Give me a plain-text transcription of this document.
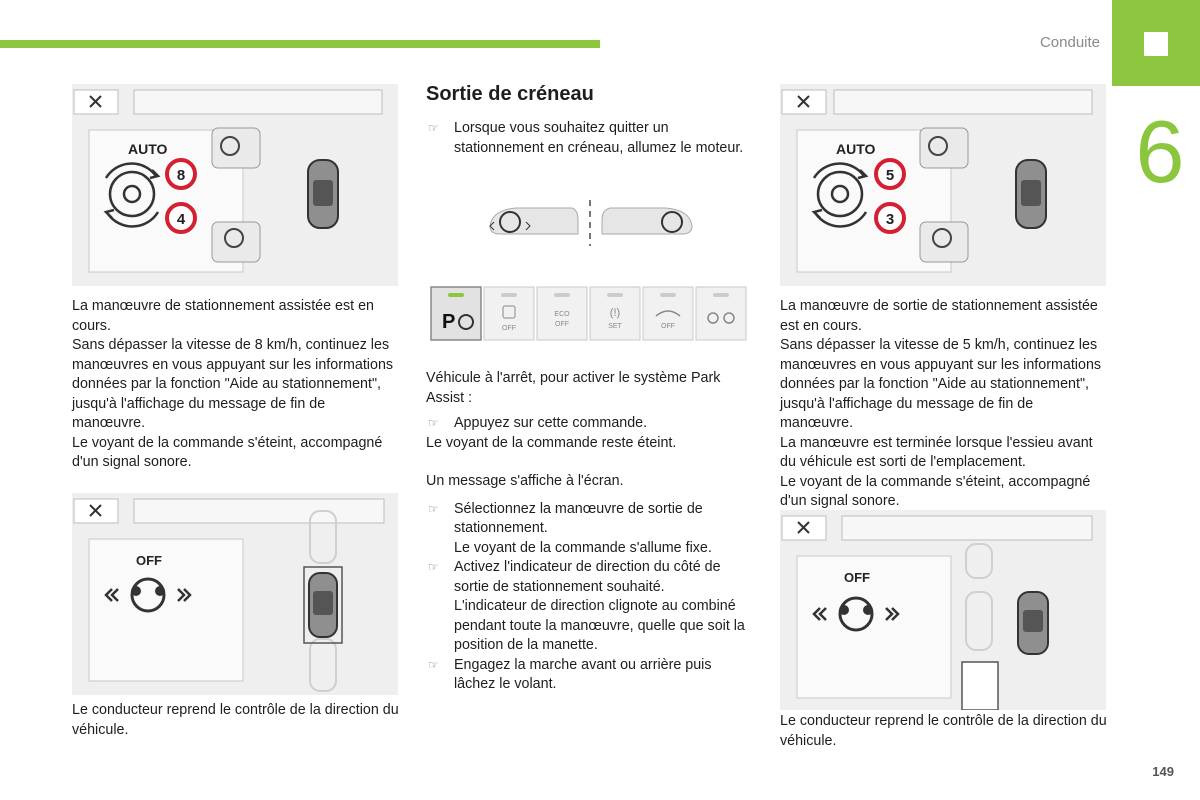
Conduite
6
AUTO
8
4

La manœuvre de stationnement assistée est en cours.

Sans dépasser la vitesse de 8 km/h, continuez les manœuvres en vous appuyant sur les informations données par la fonction "Aide au stationnement", jusqu'à l'affichage du message de fin de manœuvre.

Le voyant de la commande s'éteint, accompagné d'un signal sonore.

OFF
Le conducteur reprend le contrôle de la direction du véhicule.
Sortie de créneau
☞ Lorsque vous souhaitez quitter un stationnement en créneau, allumez le moteur.
P	OFF
ECO
OFF
(!)
SET	OFF

Véhicule à l'arrêt, pour activer le système Park Assist :

☞ Appuyez sur cette commande.

Le voyant de la commande reste éteint.

Un message s'affiche à l'écran.

☞ Sélectionnez la manœuvre de sortie de stationnement.
Le voyant de la commande s'allume fixe.
☞ Activez l'indicateur de direction du côté de sortie de stationnement souhaité.
L'indicateur de direction clignote au combiné pendant toute la manœuvre, quelle que soit la position de la manette.
☞ Engagez la marche avant ou arrière puis lâchez le volant.
AUTO
5
3

La manœuvre de sortie de stationnement assistée est en cours.

Sans dépasser la vitesse de 5 km/h, continuez les manœuvres en vous appuyant sur les informations données par la fonction "Aide au stationnement", jusqu'à l'affichage du message de fin de manœuvre.

La manœuvre est terminée lorsque l'essieu avant du véhicule est sorti de l'emplacement.

Le voyant de la commande s'éteint, accompagné d'un signal sonore.

OFF
Le conducteur reprend le contrôle de la direction du véhicule.
149
